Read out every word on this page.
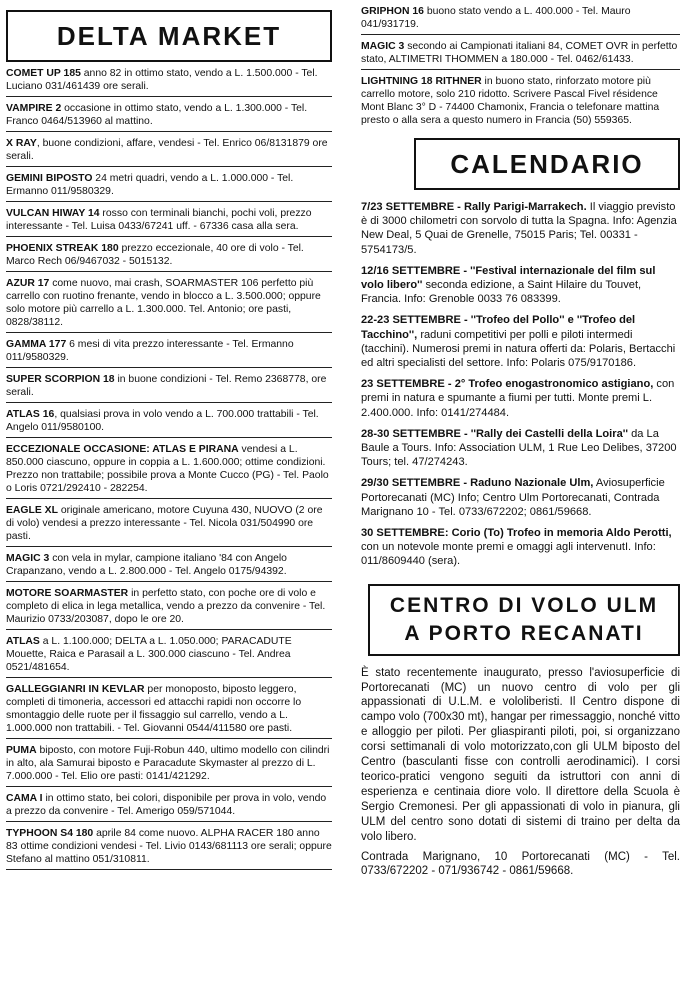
DELTA MARKET
COMET UP 185 anno 82 in ottimo stato, vendo a L. 1.500.000 - Tel. Luciano 031/461439 ore serali.
VAMPIRE 2 occasione in ottimo stato, vendo a L. 1.300.000 - Tel. Franco 0464/513960 al mattino.
X RAY, buone condizioni, affare, vendesi - Tel. Enrico 06/8131879 ore serali.
GEMINI BIPOSTO 24 metri quadri, vendo a L. 1.000.000 - Tel. Ermanno 011/9580329.
VULCAN HIWAY 14 rosso con terminali bianchi, pochi voli, prezzo interessante - Tel. Luisa 0433/67241 uff. - 67336 casa alla sera.
PHOENIX STREAK 180 prezzo eccezionale, 40 ore di volo - Tel. Marco Rech 06/9467032 - 5015132.
AZUR 17 come nuovo, mai crash, SOARMASTER 106 perfetto più carrello con ruotino frenante, vendo in blocco a L. 3.500.000; oppure solo motore più carrello a L. 1.300.000. Tel. Antonio; ore pasti, 0828/38112.
GAMMA 177 6 mesi di vita prezzo interessante - Tel. Ermanno 011/9580329.
SUPER SCORPION 18 in buone condizioni - Tel. Remo 2368778, ore serali.
ATLAS 16, qualsiasi prova in volo vendo a L. 700.000 trattabili - Tel. Angelo 011/9580100.
ECCEZIONALE OCCASIONE: ATLAS E PIRANA vendesi a L. 850.000 ciascuno, oppure in coppia a L. 1.600.000; ottime condizioni. Prezzo non trattabile; possibile prova a Monte Cucco (PG) - Tel. Paolo o Loris 0721/292410 - 282254.
EAGLE XL originale americano, motore Cuyuna 430, NUOVO (2 ore di volo) vendesi a prezzo interessante - Tel. Nicola 031/504990 ore pasti.
MAGIC 3 con vela in mylar, campione italiano '84 con Angelo Crapanzano, vendo a L. 2.800.000 - Tel. Angelo 0175/94392.
MOTORE SOARMASTER in perfetto stato, con poche ore di volo e completo di elica in lega metallica, vendo a prezzo da convenire - Tel. Maurizio 0733/203087, dopo le ore 20.
ATLAS a L. 1.100.000; DELTA a L. 1.050.000; PARACADUTE Mouette, Raica e Parasail a L. 300.000 ciascuno - Tel. Andrea 0521/481654.
GALLEGGIANRI IN KEVLAR per monoposto, biposto leggero, completi di timoneria, accessori ed attacchi rapidi non occorre lo smontaggio delle ruote per il fissaggio sul carrello, vendo a L. 1.000.000 non trattabili. - Tel. Giovanni 0544/411580 ore pasti.
PUMA biposto, con motore Fuji-Robun 440, ultimo modello con cilindri in alto, ala Samurai biposto e Paracadute Skymaster al prezzo di L. 7.000.000 - Tel. Elio ore pasti: 0141/421292.
CAMA I in ottimo stato, bei colori, disponibile per prova in volo, vendo a prezzo da convenire - Tel. Amerigo 059/571044.
TYPHOON S4 180 aprile 84 come nuovo. ALPHA RACER 180 anno 83 ottime condizioni vendesi - Tel. Livio 0143/681113 ore serali; oppure Stefano al mattino 051/310811.
GRIPHON 16 buono stato vendo a L. 400.000 - Tel. Mauro 041/931719.
MAGIC 3 secondo ai Campionati italiani 84, COMET OVR in perfetto stato, ALTIMETRI THOMMEN a 180.000 - Tel. 0462/61433.
LIGHTNING 18 RITHNER in buono stato, rinforzato motore più carrello motore, solo 210 ridotto. Scrivere Pascal Fivel résidence Mont Blanc 3° D - 74400 Chamonix, Francia o telefonare mattina presto o alla sera a questo numero in Francia (50) 559365.
CALENDARIO
7/23 SETTEMBRE - Rally Parigi-Marrakech. Il viaggio previsto è di 3000 chilometri con sorvolo di tutta la Spagna. Info: Agenzia New Deal, 5 Quai de Grenelle, 75015 Paris; Tel. 00331 - 5754173/5.
12/16 SETTEMBRE - ''Festival internazionale del film sul volo libero'' seconda edizione, a Saint Hilaire du Touvet, Francia. Info: Grenoble 0033 76 083399.
22-23 SETTEMBRE - ''Trofeo del Pollo'' e ''Trofeo del Tacchino'', raduni competitivi per polli e piloti intermedi (tacchini). Numerosi premi in natura offerti da: Polaris, Bertacchi ed altri specialisti del settore. Info: Polaris 075/9170186.
23 SETTEMBRE - 2° Trofeo enogastronomico astigiano, con premi in natura e spumante a fiumi per tutti. Monte premi L. 2.400.000. Info: 0141/274484.
28-30 SETTEMBRE - ''Rally dei Castelli della Loira'' da La Baule a Tours. Info: Association ULM, 1 Rue Leo Delibes, 37200 Tours; tel. 47/274243.
29/30 SETTEMBRE - Raduno Nazionale Ulm, Aviosuperficie Portorecanati (MC) Info; Centro Ulm Portorecanati, Contrada Marignano 10 - Tel. 0733/672202; 0861/59668.
30 SETTEMBRE: Corio (To) Trofeo in memoria Aldo Perotti, con un notevole monte premi e omaggi agli intervenutI. Info: 011/8609440 (sera).
CENTRO DI VOLO ULM
A PORTO RECANATI

È stato recentemente inaugurato, presso l'aviosuperficie di Portorecanati (MC) un nuovo centro di volo per gli appassionati di U.L.M. e vololiberisti. Il Centro dispone di campo volo (700x30 mt), hangar per rimessaggio, nonché vitto e alloggio per piloti. Per gliaspiranti piloti, poi, si organizzano corsi settimanali di volo motorizzato,con gli ULM biposto del Centro (basculanti fisse con controlli aerodinamici). I corsi teorico-pratici vengono seguiti da istruttori con anni di esperienza e centinaia diore volo. Il direttore della Scuola è Sergio Cremonesi. Per gli appassionati di volo in pianura, gli ULM del centro sono dotati di sistemi di traino per delta da volo libero.

Contrada Marignano, 10 Portorecanati (MC) - Tel. 0733/672202 - 071/936742 - 0861/59668.
